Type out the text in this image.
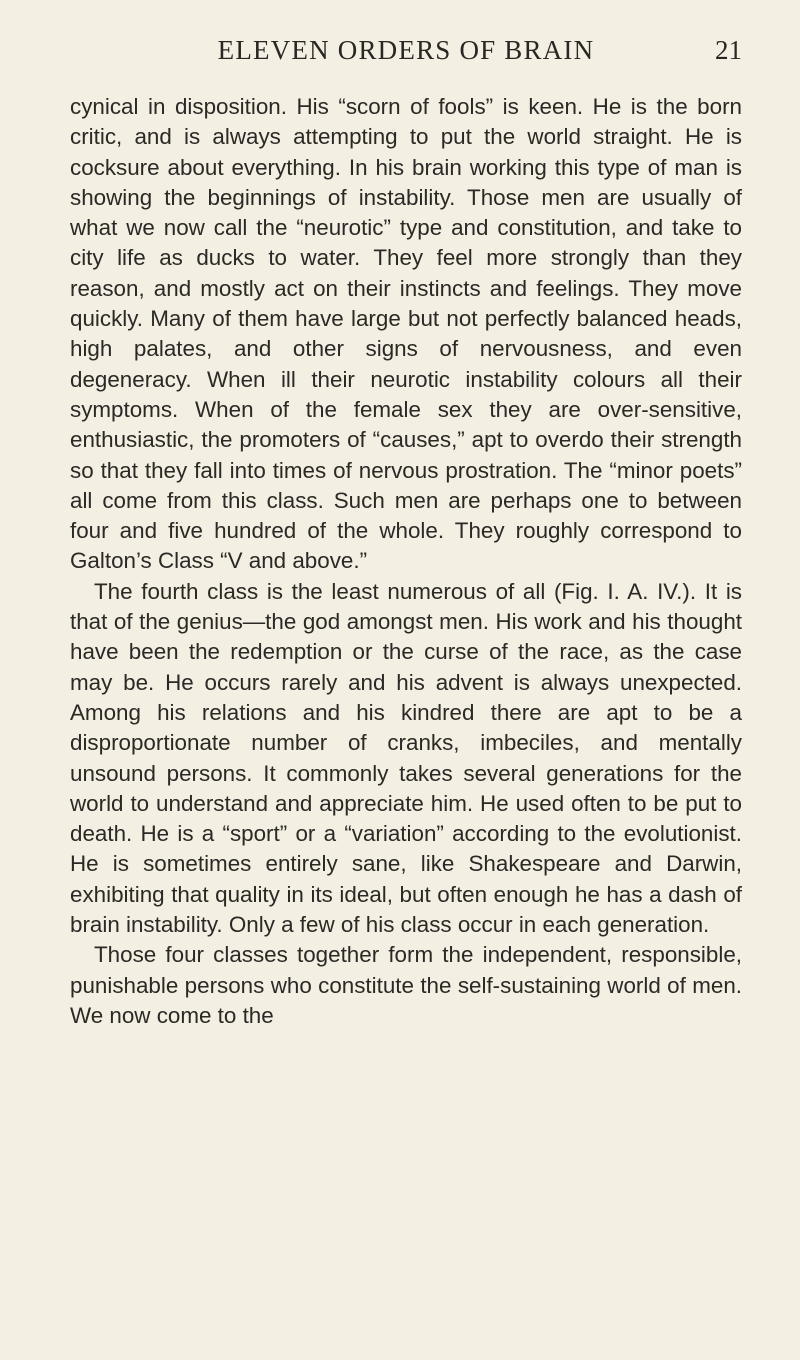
ELEVEN ORDERS OF BRAIN	21

cynical in disposition. His “scorn of fools” is keen. He is the born critic, and is always attempting to put the world straight. He is cocksure about everything. In his brain working this type of man is showing the beginnings of instability. Those men are usually of what we now call the “neurotic” type and constitution, and take to city life as ducks to water. They feel more strongly than they reason, and mostly act on their instincts and feelings. They move quickly. Many of them have large but not perfectly balanced heads, high palates, and other signs of nervousness, and even degeneracy. When ill their neurotic instability colours all their symptoms. When of the female sex they are over-sensitive, enthusiastic, the promoters of “causes,” apt to overdo their strength so that they fall into times of nervous prostration. The “minor poets” all come from this class. Such men are perhaps one to between four and five hundred of the whole. They roughly correspond to Galton’s Class “V and above.”

The fourth class is the least numerous of all (Fig. I. A. IV.). It is that of the genius—the god amongst men. His work and his thought have been the redemption or the curse of the race, as the case may be. He occurs rarely and his advent is always unexpected. Among his relations and his kindred there are apt to be a disproportionate number of cranks, imbeciles, and mentally unsound persons. It commonly takes several generations for the world to understand and appreciate him. He used often to be put to death. He is a “sport” or a “variation” according to the evolutionist. He is sometimes entirely sane, like Shakespeare and Darwin, exhibiting that quality in its ideal, but often enough he has a dash of brain instability. Only a few of his class occur in each generation.

Those four classes together form the independent, responsible, punishable persons who constitute the self-sustaining world of men. We now come to the
